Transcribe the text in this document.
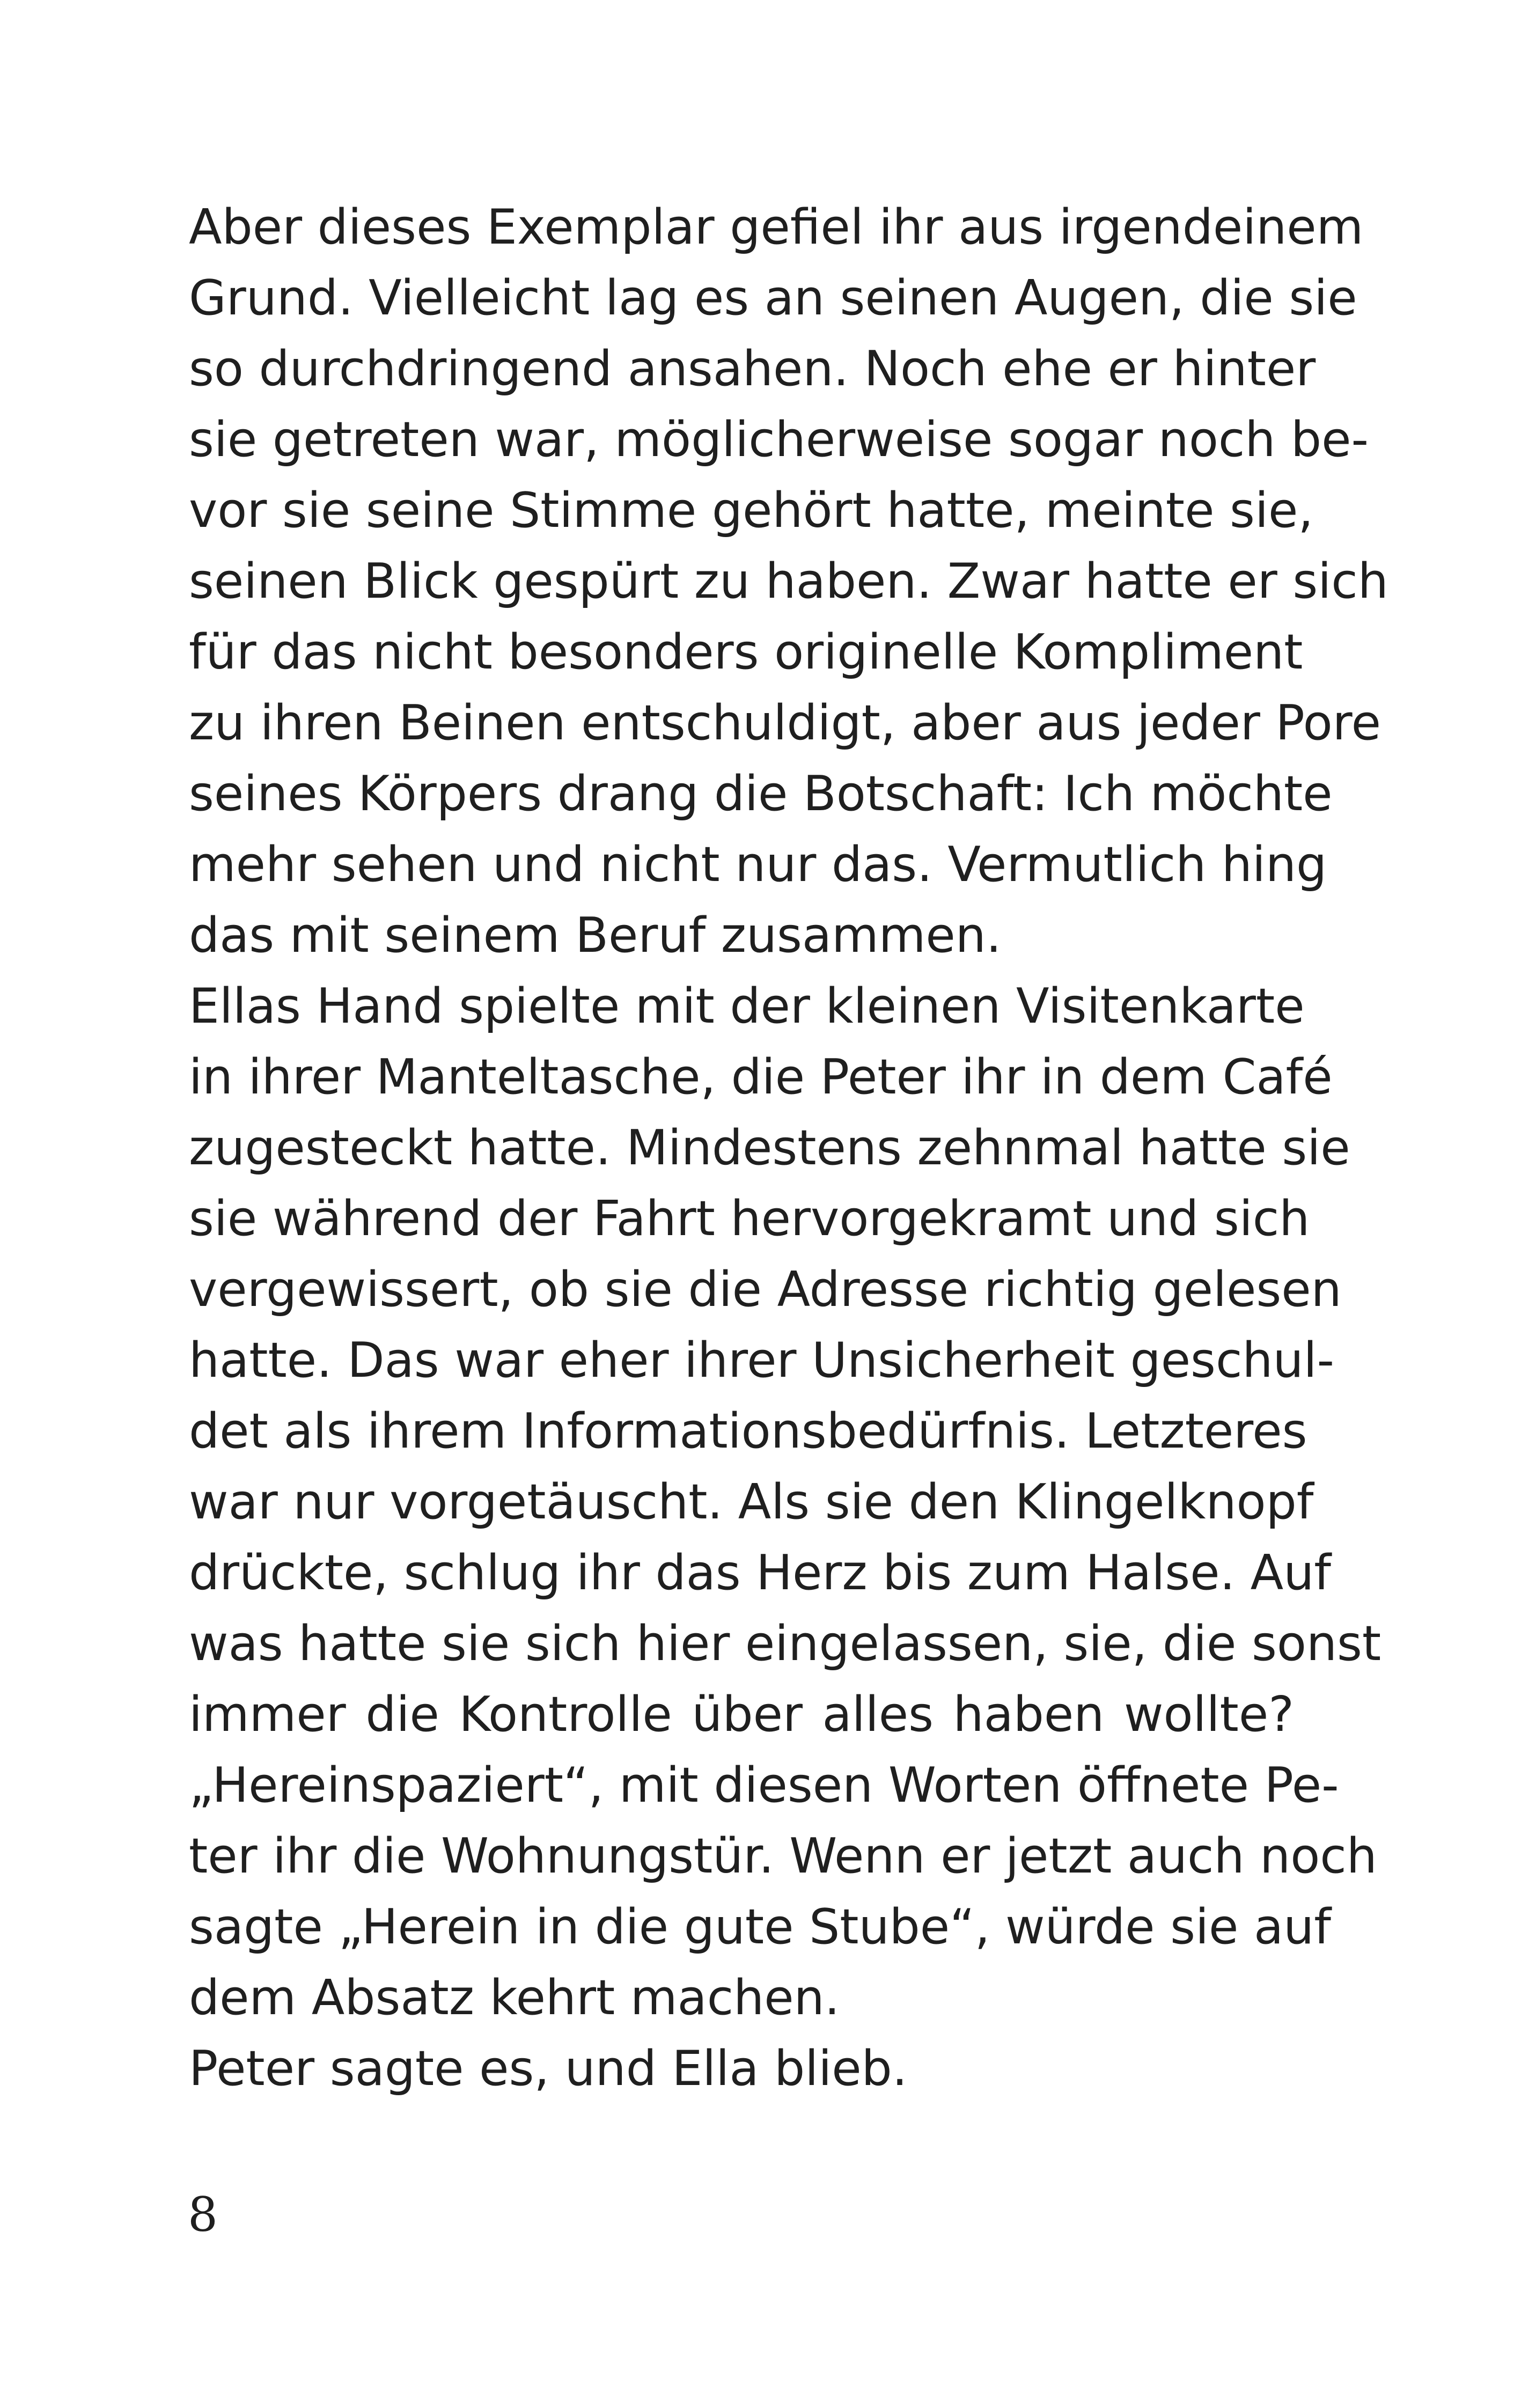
Aber dieses Exemplar gefiel ihr aus irgendeinem
Grund. Vielleicht lag es an seinen Augen, die sie
so durchdringend ansahen. Noch ehe er hinter
sie getreten war, möglicherweise sogar noch be-
vor sie seine Stimme gehört hatte, meinte sie,
seinen Blick gespürt zu haben. Zwar hatte er sich
für das nicht besonders originelle Kompliment
zu ihren Beinen entschuldigt, aber aus jeder Pore
seines Körpers drang die Botschaft: Ich möchte
mehr sehen und nicht nur das. Vermutlich hing
das mit seinem Beruf zusammen.
Ellas Hand spielte mit der kleinen Visitenkarte
in ihrer Manteltasche, die Peter ihr in dem Café
zugesteckt hatte. Mindestens zehnmal hatte sie
sie während der Fahrt hervorgekramt und sich
vergewissert, ob sie die Adresse richtig gelesen
hatte. Das war eher ihrer Unsicherheit geschul-
det als ihrem Informationsbedürfnis. Letzteres
war nur vorgetäuscht. Als sie den Klingelknopf
drückte, schlug ihr das Herz bis zum Halse. Auf
was hatte sie sich hier eingelassen, sie, die sonst
immer die Kontrolle über alles haben wollte?
„Hereinspaziert“, mit diesen Worten öffnete Pe-
ter ihr die Wohnungstür. Wenn er jetzt auch noch
sagte „Herein in die gute Stube“, würde sie auf
dem Absatz kehrt machen.
Peter sagte es, und Ella blieb.
8
